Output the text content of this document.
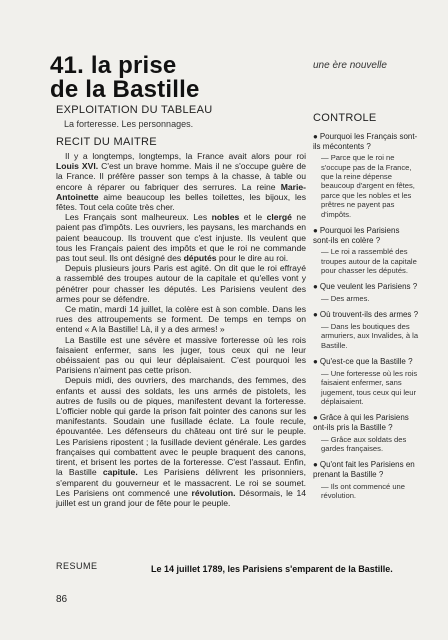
41. la prise
de la Bastille
une ère nouvelle
EXPLOITATION DU TABLEAU
La forteresse. Les personnages.
RECIT DU MAITRE

Il y a longtemps, longtemps, la France avait alors pour roi Louis XVI. C'est un brave homme. Mais il ne s'occupe guère de la France. Il préfère passer son temps à la chasse, à table ou encore à réparer ou fabriquer des serrures. La reine Marie-Antoinette aime beaucoup les belles toilettes, les bijoux, les fêtes. Tout cela coûte très cher.

Les Français sont malheureux. Les nobles et le clergé ne paient pas d'impôts. Les ouvriers, les paysans, les marchands en paient beaucoup. Ils trouvent que c'est injuste. Ils veulent que tous les Français paient des impôts et que le roi ne commande pas tout seul. Ils ont désigné des députés pour le dire au roi.

Depuis plusieurs jours Paris est agité. On dit que le roi effrayé a rassemblé des troupes autour de la capitale et qu'elles vont y pénétrer pour chasser les députés. Les Parisiens veulent des armes pour se défendre.

Ce matin, mardi 14 juillet, la colère est à son comble. Dans les rues des attroupements se forment. De temps en temps on entend « A la Bastille! Là, il y a des armes! »

La Bastille est une sévère et massive forteresse où les rois faisaient enfermer, sans les juger, tous ceux qui ne leur obéissaient pas ou qui leur déplaisaient. C'est pourquoi les Parisiens n'aiment pas cette prison.

Depuis midi, des ouvriers, des marchands, des femmes, des enfants et aussi des soldats, les uns armés de pistolets, les autres de fusils ou de piques, manifestent devant la forteresse. L'officier noble qui garde la prison fait pointer des canons sur les manifestants. Soudain une fusillade éclate. La foule recule, épouvantée. Les défenseurs du château ont tiré sur le peuple. Les Parisiens ripostent ; la fusillade devient générale. Les gardes françaises qui combattent avec le peuple braquent des canons, tirent, et brisent les portes de la forteresse. C'est l'assaut. Enfin, la Bastille capitule. Les Parisiens délivrent les prisonniers, s'emparent du gouverneur et le massacrent. Le roi se soumet. Les Parisiens ont commencé une révolution. Désormais, le 14 juillet est un grand jour de fête pour le peuple.

RESUME	Le 14 juillet 1789, les Parisiens s'emparent de la Bastille.
86
CONTROLE
● Pourquoi les Français sont-ils mécontents ?
— Parce que le roi ne s'occupe pas de la France, que la reine dépense beaucoup d'argent en fêtes, parce que les nobles et les prêtres ne payent pas d'impôts.
● Pourquoi les Parisiens sont-ils en colère ?
— Le roi a rassemblé des troupes autour de la capitale pour chasser les députés.
● Que veulent les Parisiens ?
— Des armes.
● Où trouvent-ils des armes ?
— Dans les boutiques des armuriers, aux Invalides, à la Bastille.
● Qu'est-ce que la Bastille ?
— Une forteresse où les rois faisaient enfermer, sans jugement, tous ceux qui leur déplaisaient.
● Grâce à qui les Parisiens ont-ils pris la Bastille ?
— Grâce aux soldats des gardes françaises.
● Qu'ont fait les Parisiens en prenant la Bastille ?
— Ils ont commencé une révolution.
